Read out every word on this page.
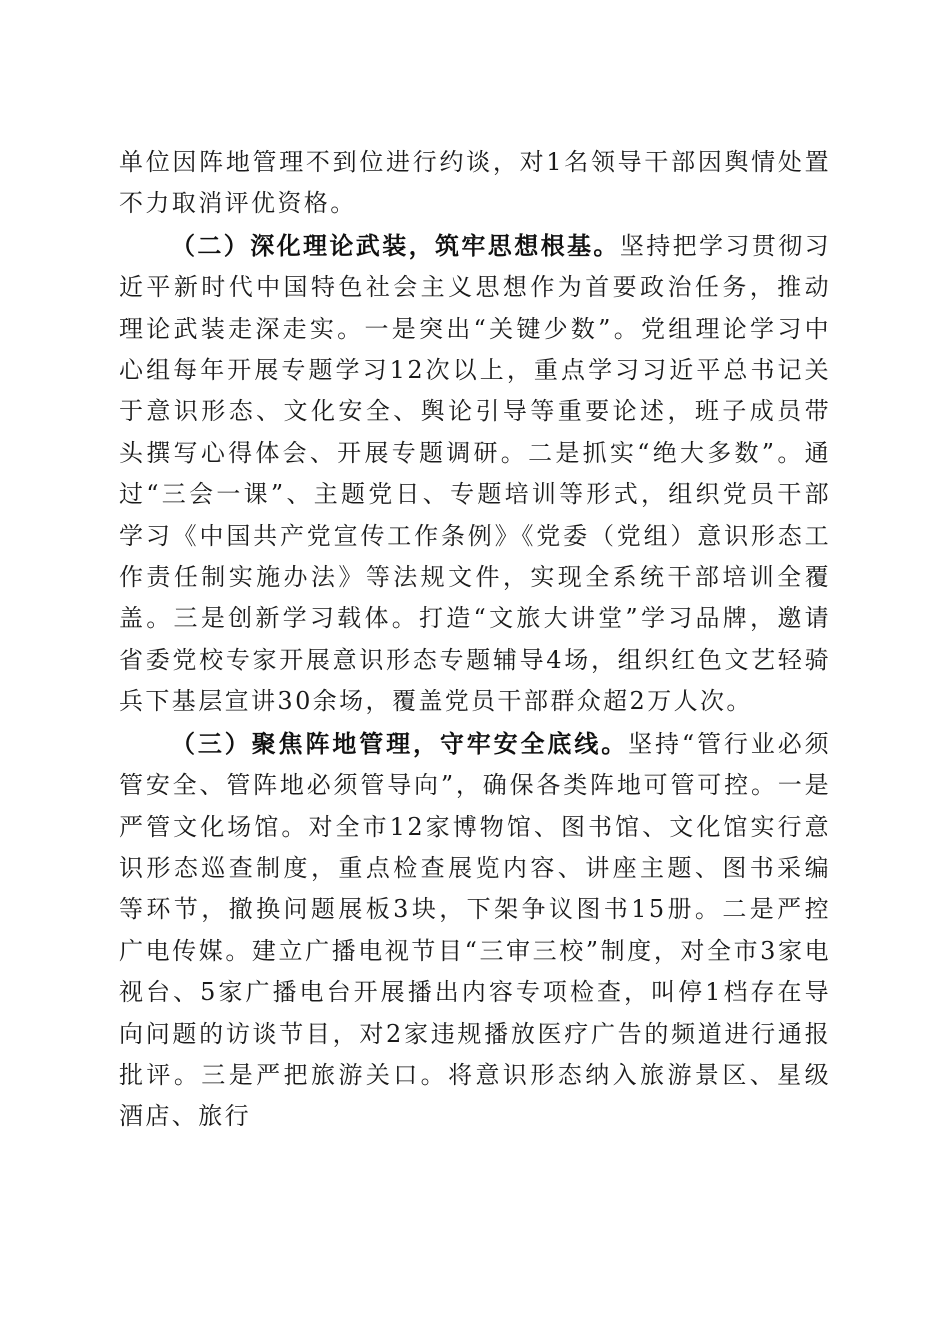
单位因阵地管理不到位进行约谈，对1名领导干部因舆情处置不力取消评优资格。

（二）深化理论武装，筑牢思想根基。坚持把学习贯彻习近平新时代中国特色社会主义思想作为首要政治任务，推动理论武装走深走实。一是突出“关键少数”。党组理论学习中心组每年开展专题学习12次以上，重点学习习近平总书记关于意识形态、文化安全、舆论引导等重要论述，班子成员带头撰写心得体会、开展专题调研。二是抓实“绝大多数”。通过“三会一课”、主题党日、专题培训等形式，组织党员干部学习《中国共产党宣传工作条例》《党委（党组）意识形态工作责任制实施办法》等法规文件，实现全系统干部培训全覆盖。三是创新学习载体。打造“文旅大讲堂”学习品牌，邀请省委党校专家开展意识形态专题辅导4场，组织红色文艺轻骑兵下基层宣讲30余场，覆盖党员干部群众超2万人次。

（三）聚焦阵地管理，守牢安全底线。坚持“管行业必须管安全、管阵地必须管导向”，确保各类阵地可管可控。一是严管文化场馆。对全市12家博物馆、图书馆、文化馆实行意识形态巡查制度，重点检查展览内容、讲座主题、图书采编等环节，撤换问题展板3块，下架争议图书15册。二是严控广电传媒。建立广播电视节目“三审三校”制度，对全市3家电视台、5家广播电台开展播出内容专项检查，叫停1档存在导向问题的访谈节目，对2家违规播放医疗广告的频道进行通报批评。三是严把旅游关口。将意识形态纳入旅游景区、星级酒店、旅行
